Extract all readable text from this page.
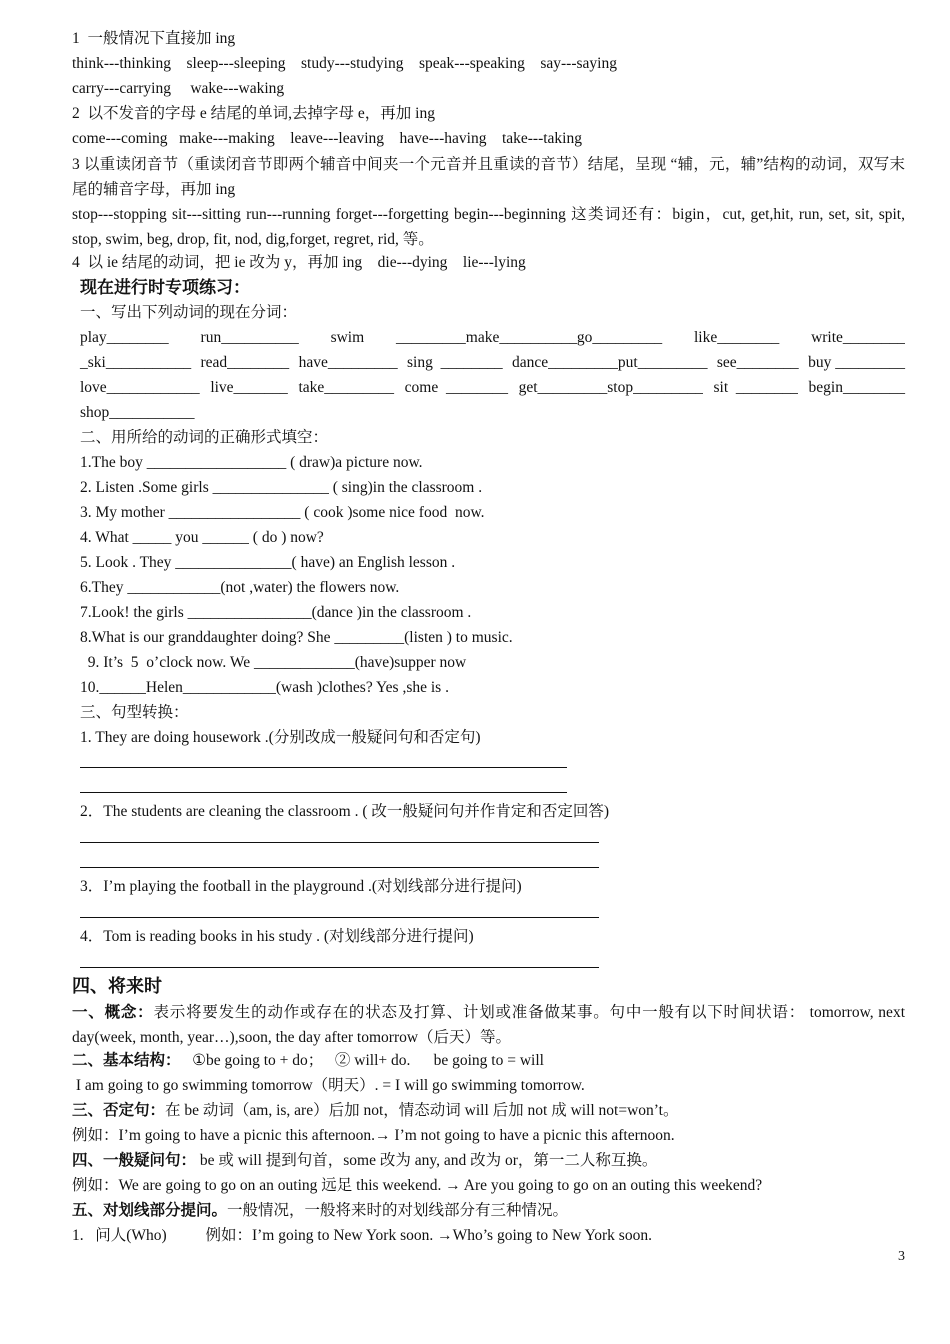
1  一般情况下直接加 ing
think---thinking    sleep---sleeping    study---studying    speak---speaking    say---saying
carry---carrying     wake---waking
2  以不发音的字母 e 结尾的单词,去掉字母 e，再加 ing
come---coming   make---making    leave---leaving    have---having    take---taking
3 以重读闭音节（重读闭音节即两个辅音中间夹一个元音并且重读的音节）结尾，呈现 “辅，元，辅”结构的动词，双写末尾的辅音字母，再加 ing
stop---stopping sit---sitting run---running forget---forgetting begin---beginning 这类词还有：bigin，cut, get,hit, run, set, sit, spit, stop, swim, beg, drop, fit, nod, dig,forget, regret, rid, 等。
4  以 ie 结尾的动词，把 ie 改为 y，再加 ing    die---dying    lie---lying
现在进行时专项练习：
一、写出下列动词的现在分词：
play________ run__________ swim _________make__________go_________ like________ write________
_ski___________ read________ have_________ sing  ________ dance_________put_________ see________ buy _________
love____________ live_______ take_________ come  ________ get_________stop_________ sit  ________ begin________
shop___________
二、用所给的动词的正确形式填空：
1.The boy __________________ ( draw)a picture now.
2. Listen .Some girls _______________ ( sing)in the classroom .
3. My mother _________________ ( cook )some nice food  now.
4. What _____ you ______ ( do ) now?
5. Look . They _______________( have) an English lesson .
6.They ____________(not ,water) the flowers now.
7.Look! the girls ________________(dance )in the classroom .
8.What is our granddaughter doing? She _________(listen ) to music.
9. It’s  5  o’clock now. We _____________(have)supper now
10.______Helen____________(wash )clothes? Yes ,she is .
三、句型转换：
1. They are doing housework .(分别改成一般疑问句和否定句)
2．The students are cleaning the classroom . ( 改一般疑问句并作肯定和否定回答)
3．I’m playing the football in the playground .(对划线部分进行提问)
4．Tom is reading books in his study . (对划线部分进行提问)
四、将来时
一、概念：表示将要发生的动作或存在的状态及打算、计划或准备做某事。句中一般有以下时间状语： tomorrow, next day(week, month, year…),soon, the day after tomorrow（后天）等。
二、基本结构：   ①be going to + do；   ② will+ do.      be going to = will
I am going to go swimming tomorrow（明天）. = I will go swimming tomorrow.
三、否定句：在 be 动词（am, is, are）后加 not，情态动词 will 后加 not 成 will not=won’t。
例如：I’m going to have a picnic this afternoon.→ I’m not going to have a picnic this afternoon.
四、一般疑问句： be 或 will 提到句首，some 改为 any, and 改为 or，第一二人称互换。
例如：We are going to go on an outing 远足 this weekend. → Are you going to go on an outing this weekend?
五、对划线部分提问。一般情况，一般将来时的对划线部分有三种情况。
1.   问人(Who)          例如：I’m going to New York soon. →Who’s going to New York soon.
3
